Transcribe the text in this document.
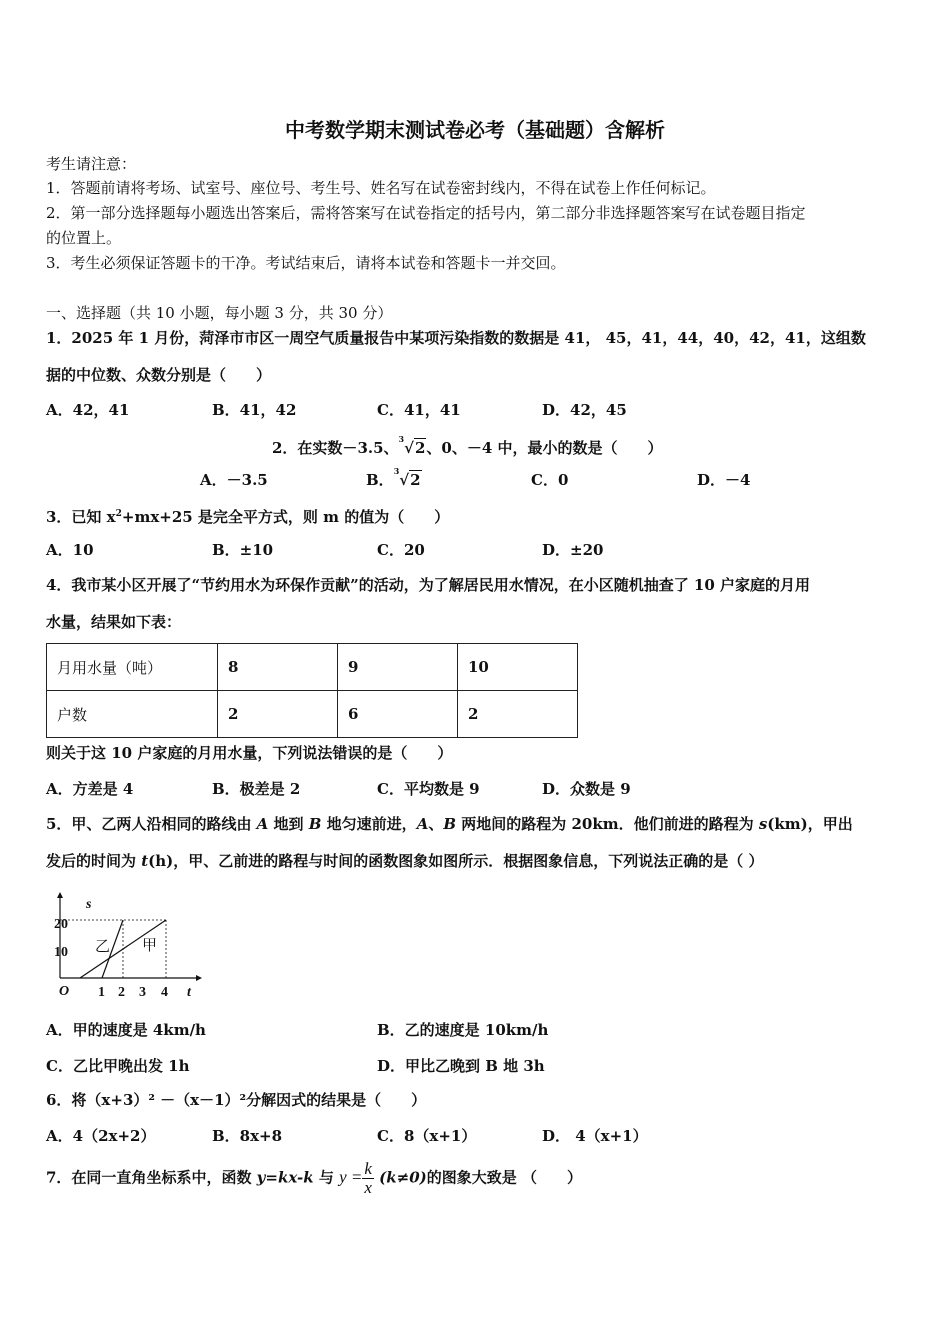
中考数学期末测试卷必考（基础题）含解析
考生请注意：
1．答题前请将考场、试室号、座位号、考生号、姓名写在试卷密封线内，不得在试卷上作任何标记。
2．第一部分选择题每小题选出答案后，需将答案写在试卷指定的括号内，第二部分非选择题答案写在试卷题目指定
的位置上。
3．考生必须保证答题卡的干净。考试结束后，请将本试卷和答题卡一并交回。
一、选择题（共 10 小题，每小题 3 分，共 30 分）
1．2025 年 1 月份，菏泽市市区一周空气质量报告中某项污染指数的数据是 41， 45，41，44，40，42，41，这组数
据的中位数、众数分别是（　　）
A．42，41	B．41，42	C．41，41	D．42，45
2．在实数－3.5、$^3$√2、0、－4 中，最小的数是（　　）
A．－3.5	B．$^3$√2	C．0	D．－4
3．已知 $x^2+mx+25$ 是完全平方式，则 m 的值为（　　）
A．10	B．±10	C．20	D．±20
4．我市某小区开展了“节约用水为环保作贡献”的活动，为了解居民用水情况，在小区随机抽查了 10 户家庭的月用
水量，结果如下表：
月用水量（吨）	8	9	10
户数	2	6	2
则关于这 10 户家庭的月用水量，下列说法错误的是（　　）
A．方差是 4	B．极差是 2	C．平均数是 9	D．众数是 9
5．甲、乙两人沿相同的路线由 A 地到 B 地匀速前进，A、B 两地间的路程为 20km．他们前进的路程为 s(km)，甲出
发后的时间为 t(h)，甲、乙前进的路程与时间的函数图象如图所示．根据图象信息，下列说法正确的是（ ）
s
t
O
20
10
1 2 3 4
乙 甲
A．甲的速度是 4km/h	B．乙的速度是 10km/h
C．乙比甲晚出发 1h	D．甲比乙晚到 B 地 3h
6．将（x+3）² －（x－1）²分解因式的结果是（　　）
A．4（2x+2）	B．8x+8	C．8（x+1）	D． 4（x+1）
7．在同一直角坐标系中，函数 y=kx-k 与 $y = \frac{k}{x} (k\ne 0)$的图象大致是 （　　）
